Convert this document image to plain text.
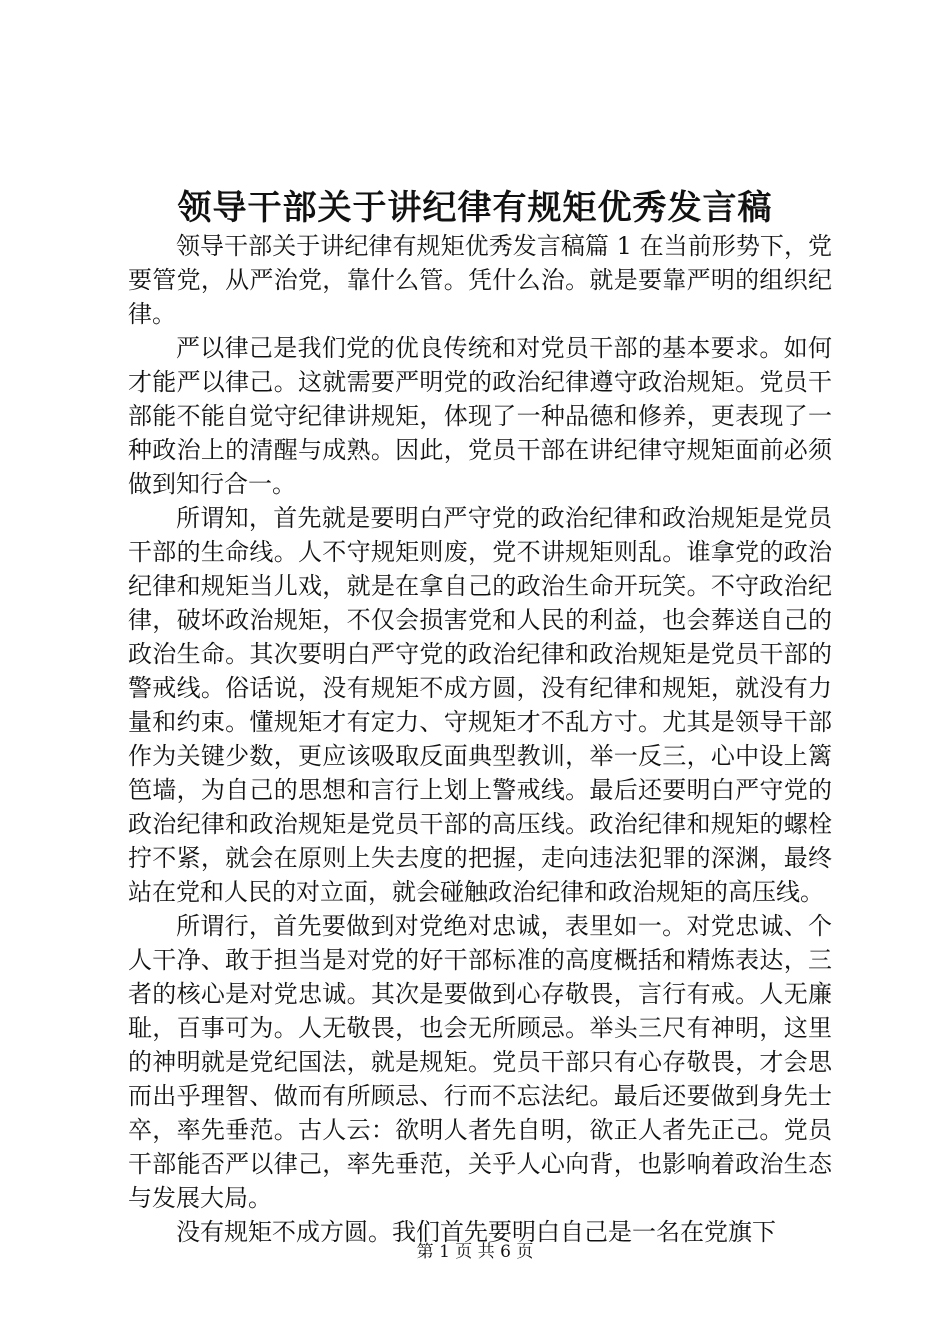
领导干部关于讲纪律有规矩优秀发言稿

领导干部关于讲纪律有规矩优秀发言稿篇 1 在当前形势下，党要管党，从严治党，靠什么管。凭什么治。就是要靠严明的组织纪律。

严以律己是我们党的优良传统和对党员干部的基本要求。如何才能严以律己。这就需要严明党的政治纪律遵守政治规矩。党员干部能不能自觉守纪律讲规矩，体现了一种品德和修养，更表现了一种政治上的清醒与成熟。因此，党员干部在讲纪律守规矩面前必须做到知行合一。

所谓知，首先就是要明白严守党的政治纪律和政治规矩是党员干部的生命线。人不守规矩则废，党不讲规矩则乱。谁拿党的政治纪律和规矩当儿戏，就是在拿自己的政治生命开玩笑。不守政治纪律，破坏政治规矩，不仅会损害党和人民的利益，也会葬送自己的政治生命。其次要明白严守党的政治纪律和政治规矩是党员干部的警戒线。俗话说，没有规矩不成方圆，没有纪律和规矩，就没有力量和约束。懂规矩才有定力、守规矩才不乱方寸。尤其是领导干部作为关键少数，更应该吸取反面典型教训，举一反三，心中设上篱笆墙，为自己的思想和言行上划上警戒线。最后还要明白严守党的政治纪律和政治规矩是党员干部的高压线。政治纪律和规矩的螺栓拧不紧，就会在原则上失去度的把握，走向违法犯罪的深渊，最终站在党和人民的对立面，就会碰触政治纪律和政治规矩的高压线。

所谓行，首先要做到对党绝对忠诚，表里如一。对党忠诚、个人干净、敢于担当是对党的好干部标准的高度概括和精炼表达，三者的核心是对党忠诚。其次是要做到心存敬畏，言行有戒。人无廉耻，百事可为。人无敬畏，也会无所顾忌。举头三尺有神明，这里的神明就是党纪国法，就是规矩。党员干部只有心存敬畏，才会思而出乎理智、做而有所顾忌、行而不忘法纪。最后还要做到身先士卒，率先垂范。古人云：欲明人者先自明，欲正人者先正己。党员干部能否严以律己，率先垂范，关乎人心向背，也影响着政治生态与发展大局。

没有规矩不成方圆。我们首先要明白自己是一名在党旗下

第 1 页 共 6 页
